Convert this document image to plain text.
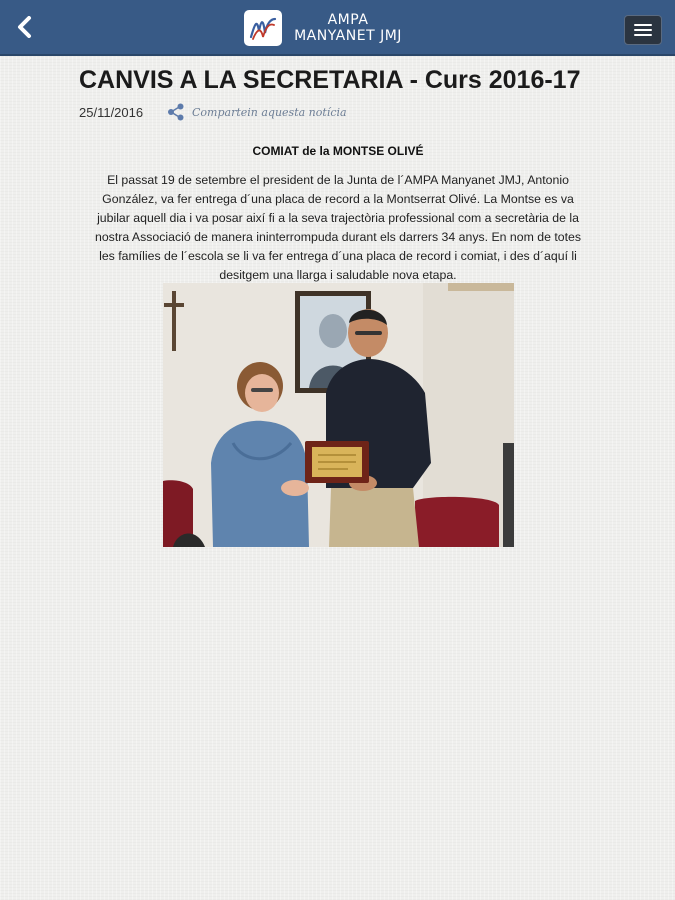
AMPA
MANYANET JMJ
CANVIS A LA SECRETARIA - Curs 2016-17
25/11/2016	Compartein aquesta notícia
COMIAT de la MONTSE OLIVÉ
El passat 19 de setembre el president de la Junta de l´AMPA Manyanet JMJ, Antonio
González, va fer entrega d´una placa de record a la Montserrat Olivé. La Montse es va
jubilar aquell dia i va posar així fi a la seva trajectòria professional com a secretària de la
nostra Associació de manera ininterrompuda durant els darrers 34 anys. En nom de totes
les famílies de l´escola se li va fer entrega d´una placa de record i comiat, i des d´aquí li
desitgem una llarga i saludable nova etapa.
